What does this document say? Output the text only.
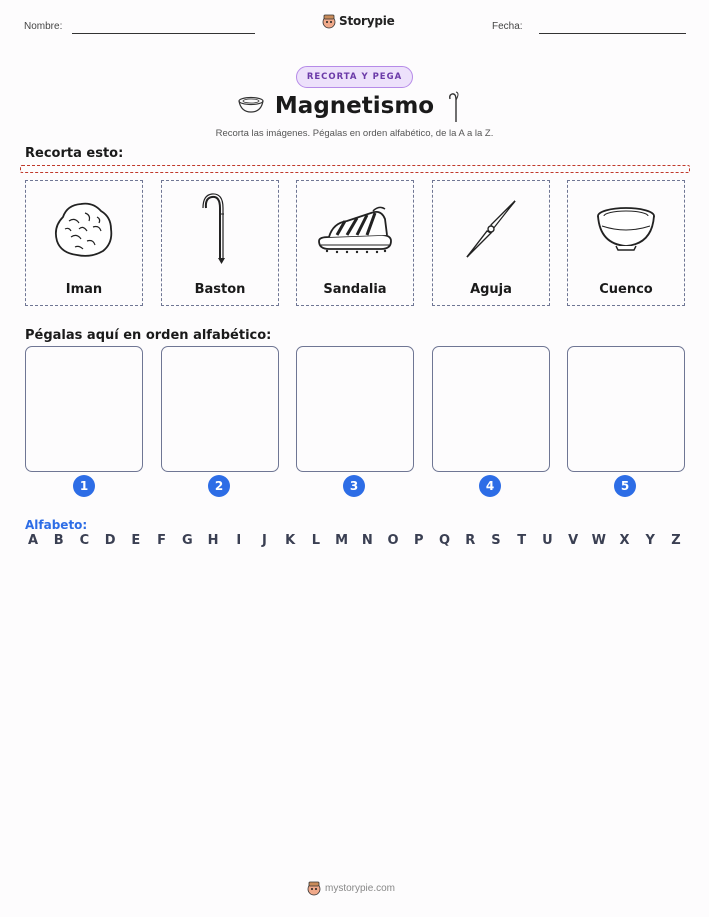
Nombre:	Storypie	Fecha:
RECORTA Y PEGA
Magnetismo
Recorta las imágenes. Pégalas en orden alfabético, de la A a la Z.
Recorta esto:
Iman	Baston	Sandalia	Aguja	Cuenco
Pégalas aquí en orden alfabético:
1	2	3	4	5
Alfabeto:
A B C D E F G H	I	J	K L M N O P Q R S T U V W X Y Z
mystorypie.com
